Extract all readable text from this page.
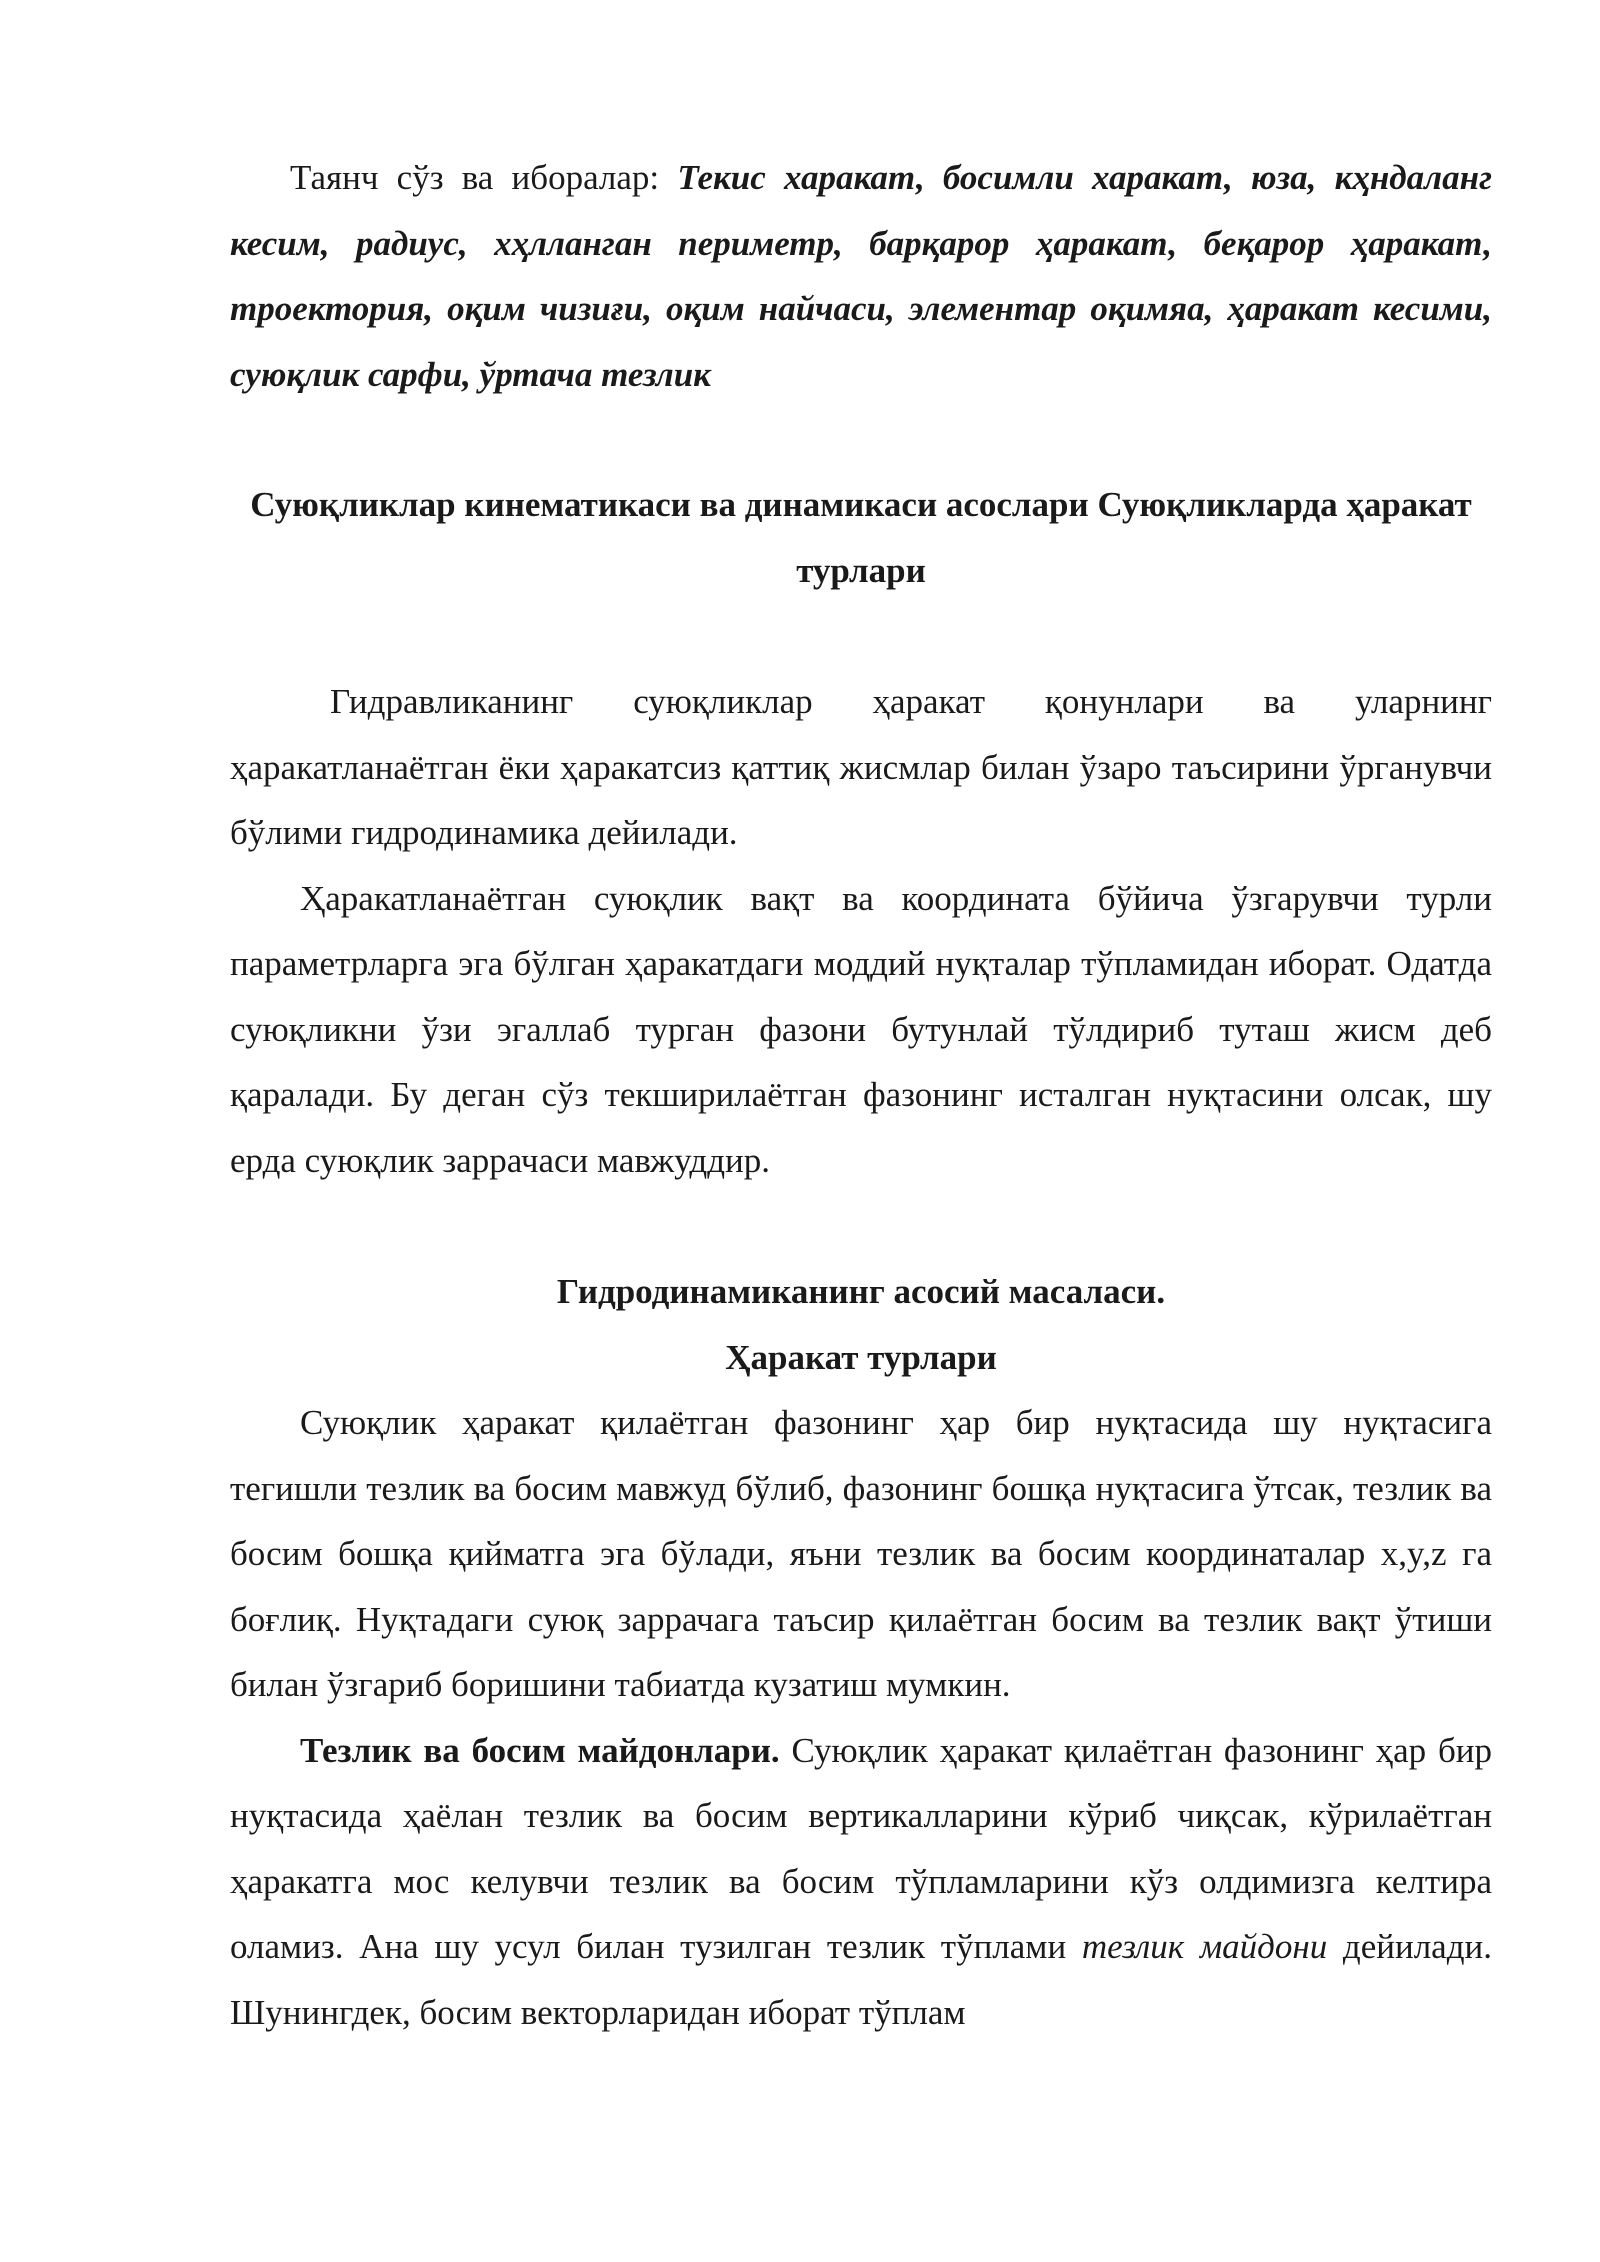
Таянч сўз ва иборалар: Текис харакат, босимли харакат, юза, кҳндаланг кесим, радиус, хҳлланган периметр, барқарор ҳаракат, беқарор ҳаракат, троектория, оқим чизиғи, оқим найчаси, элементар оқимяа, ҳаракат кесими, суюқлик сарфи, ўртача тезлик

Суюқликлар кинематикаси ва динамикаси асослари Суюқликларда ҳаракат турлари

Гидравликанинг суюқликлар ҳаракат қонунлари ва уларнинг ҳаракатланаётган ёки ҳаракатсиз қаттиқ жисмлар билан ўзаро таъсирини ўрганувчи бўлими гидродинамика дейилади.

Ҳаракатланаётган суюқлик вақт ва координата бўйича ўзгарувчи турли параметрларга эга бўлган ҳаракатдаги моддий нуқталар тўпламидан иборат. Одатда суюқликни ўзи эгаллаб турган фазони бутунлай тўлдириб туташ жисм деб қаралади. Бу деган сўз текширилаётган фазонинг исталган нуқтасини олсак, шу ерда суюқлик заррачаси мавжуддир.

Гидродинамиканинг асосий масаласи.

Ҳаракат турлари

Суюқлик ҳаракат қилаётган фазонинг ҳар бир нуқтасида шу нуқтасига тегишли тезлик ва босим мавжуд бўлиб, фазонинг бошқа нуқтасига ўтсак, тезлик ва босим бошқа қийматга эга бўлади, яъни тезлик ва босим координаталар x,y,z га боғлиқ. Нуқтадаги суюқ заррачага таъсир қилаётган босим ва тезлик вақт ўтиши билан ўзгариб боришини табиатда кузатиш мумкин.

Тезлик ва босим майдонлари. Суюқлик ҳаракат қилаётган фазонинг ҳар бир нуқтасида ҳаёлан тезлик ва босим вертикалларини кўриб чиқсак, кўрилаётган ҳаракатга мос келувчи тезлик ва босим тўпламларини кўз олдимизга келтира оламиз. Ана шу усул билан тузилган тезлик тўплами тезлик майдони дейилади. Шунингдек, босим векторларидан иборат тўплам
